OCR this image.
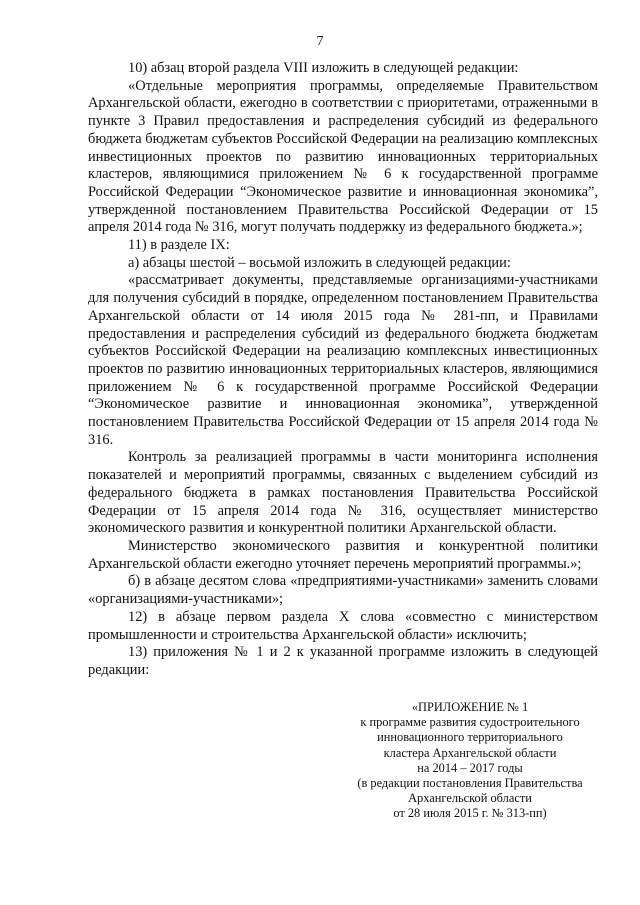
7

10) абзац второй раздела VIII изложить в следующей редакции:

«Отдельные мероприятия программы, определяемые Правительством Архангельской области, ежегодно в соответствии с приоритетами, отраженными в пункте 3 Правил предоставления и распределения субсидий из федерального бюджета бюджетам субъектов Российской Федерации на реализацию комплексных инвестиционных проектов по развитию инновационных территориальных кластеров, являющимися приложением № 6 к государственной программе Российской Федерации “Экономическое развитие и инновационная экономика”, утвержденной постановлением Правительства Российской Федерации от 15 апреля 2014 года № 316, могут получать поддержку из федерального бюджета.»;

11) в разделе IX:

а) абзацы шестой – восьмой изложить в следующей редакции:

«рассматривает документы, представляемые организациями-участниками для получения субсидий в порядке, определенном постановлением Правительства Архангельской области от 14 июля 2015 года № 281-пп, и Правилами предоставления и распределения субсидий из федерального бюджета бюджетам субъектов Российской Федерации на реализацию комплексных инвестиционных проектов по развитию инновационных территориальных кластеров, являющимися приложением № 6 к государственной программе Российской Федерации “Экономическое развитие и инновационная экономика”, утвержденной постановлением Правительства Российской Федерации от 15 апреля 2014 года № 316.

Контроль за реализацией программы в части мониторинга исполнения показателей и мероприятий программы, связанных с выделением субсидий из федерального бюджета в рамках постановления Правительства Российской Федерации от 15 апреля 2014 года № 316, осуществляет министерство экономического развития и конкурентной политики Архангельской области.

Министерство экономического развития и конкурентной политики Архангельской области ежегодно уточняет перечень мероприятий программы.»;

б) в абзаце десятом слова «предприятиями-участниками» заменить словами «организациями-участниками»;

12) в абзаце первом раздела X слова «совместно с министерством промышленности и строительства Архангельской области» исключить;

13) приложения № 1 и 2 к указанной программе изложить в следующей редакции:

«ПРИЛОЖЕНИЕ № 1
к программе развития судостроительного
инновационного территориального
кластера Архангельской области
на 2014 – 2017 годы
(в редакции постановления Правительства
Архангельской области
от 28 июля 2015 г. № 313-пп)
